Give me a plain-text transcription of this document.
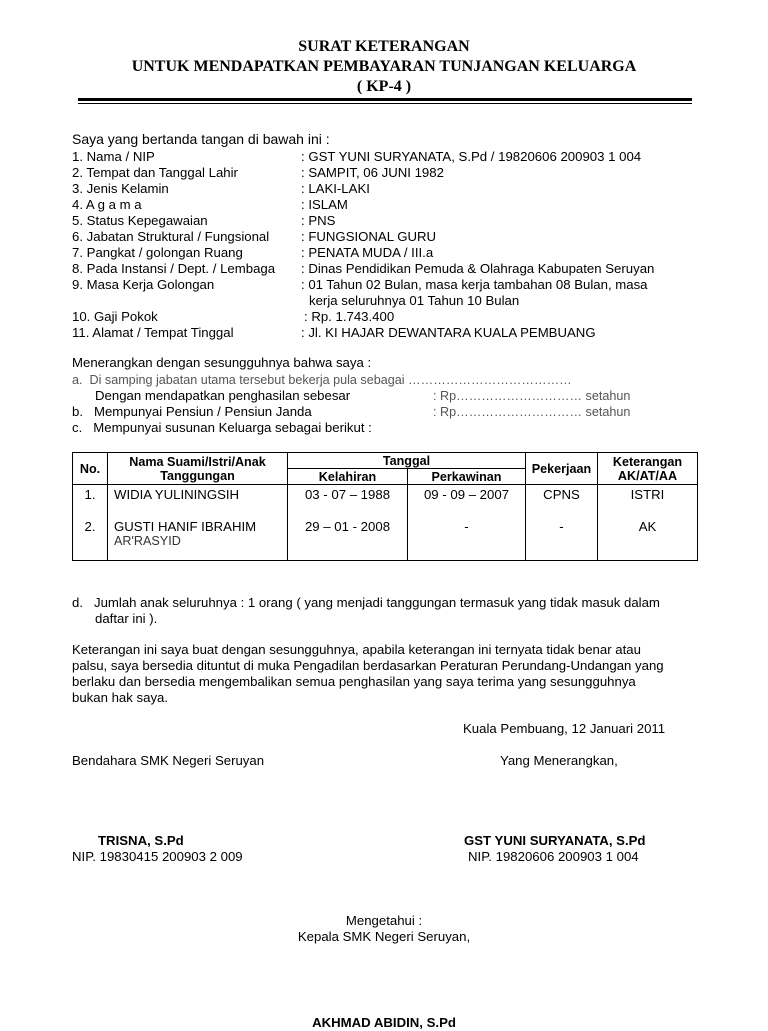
SURAT KETERANGAN
UNTUK MENDAPATKAN PEMBAYARAN TUNJANGAN KELUARGA
( KP-4 )
Saya yang bertanda tangan di bawah ini :
1. Nama / NIP	: GST YUNI SURYANATA, S.Pd / 19820606 200903 1 004
2. Tempat dan Tanggal Lahir	: SAMPIT, 06 JUNI 1982
3. Jenis Kelamin	: LAKI-LAKI
4. A g a m a	: ISLAM
5. Status Kepegawaian	: PNS
6. Jabatan Struktural / Fungsional : FUNGSIONAL GURU
7. Pangkat / golongan Ruang	: PENATA MUDA / III.a
8. Pada Instansi / Dept. / Lembaga : Dinas Pendidikan Pemuda & Olahraga Kabupaten Seruyan
9. Masa Kerja Golongan	: 01 Tahun 02 Bulan, masa kerja tambahan 08 Bulan, masa
kerja seluruhnya 01 Tahun 10 Bulan
10. Gaji Pokok	: Rp. 1.743.400
11. Alamat / Tempat Tinggal	: Jl. KI HAJAR DEWANTARA KUALA PEMBUANG
Menerangkan dengan sesungguhnya bahwa saya :
a.  Di samping jabatan utama tersebut bekerja pula sebagai …………………………………
Dengan mendapatkan penghasilan sebesar	: Rp………………………… setahun
b.   Mempunyai Pensiun / Pensiun Janda	: Rp………………………… setahun
c.   Mempunyai susunan Keluarga sebagai berikut :
No.	Nama Suami/Istri/Anak Tanggungan	Tanggal		Pekerjaan	Keterangan AK/AT/AA
		Kelahiran	Perkawinan		
1.	WIDIA YULININGSIH	03 - 07 – 1988	09 - 09 – 2007	CPNS	ISTRI
2.	GUSTI HANIF IBRAHIM
AR'RASYID	29 – 01 - 2008	-	-	AK
d.   Jumlah anak seluruhnya : 1 orang ( yang menjadi tanggungan termasuk yang tidak masuk dalam
daftar ini ).
Keterangan ini saya buat dengan sesungguhnya, apabila keterangan ini ternyata tidak benar atau
palsu, saya bersedia dituntut di muka Pengadilan berdasarkan Peraturan Perundang-Undangan yang
berlaku dan bersedia mengembalikan semua penghasilan yang saya terima yang sesungguhnya
bukan hak saya.
Kuala Pembuang, 12 Januari 2011
Bendahara SMK Negeri Seruyan	Yang Menerangkan,
TRISNA, S.Pd
NIP. 19830415 200903 2 009
GST YUNI SURYANATA, S.Pd
NIP. 19820606 200903 1 004
Mengetahui :
Kepala SMK Negeri Seruyan,
AKHMAD ABIDIN, S.Pd
